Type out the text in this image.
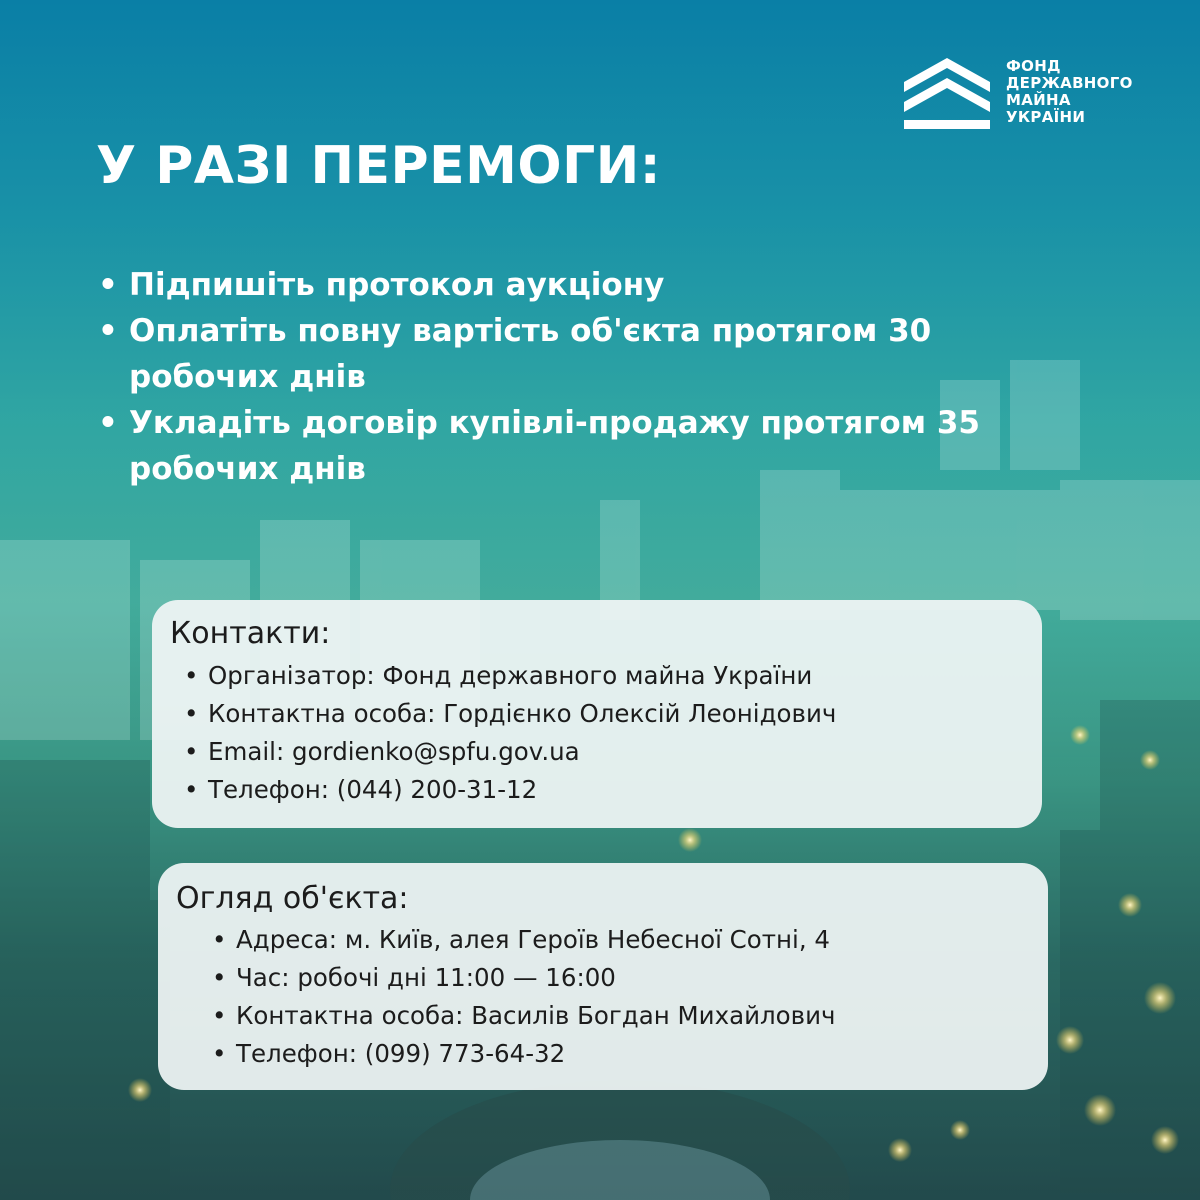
ФОНД
ДЕРЖАВНОГО
МАЙНА
УКРАЇНИ
У РАЗІ ПЕРЕМОГИ:
• Підпишіть протокол аукціону
• Оплатіть повну вартість об'єкта протягом 30 робочих днів
• Укладіть договір купівлі-продажу протягом 35 робочих днів
Контакти:
• Організатор: Фонд державного майна України
• Контактна особа: Гордієнко Олексій Леонідович
• Email: gordienko@spfu.gov.ua
• Телефон: (044) 200-31-12
Огляд об'єкта:
• Адреса: м. Київ, алея Героїв Небесної Сотні, 4
• Час: робочі дні 11:00 — 16:00
• Контактна особа: Василів Богдан Михайлович
• Телефон: (099) 773-64-32
